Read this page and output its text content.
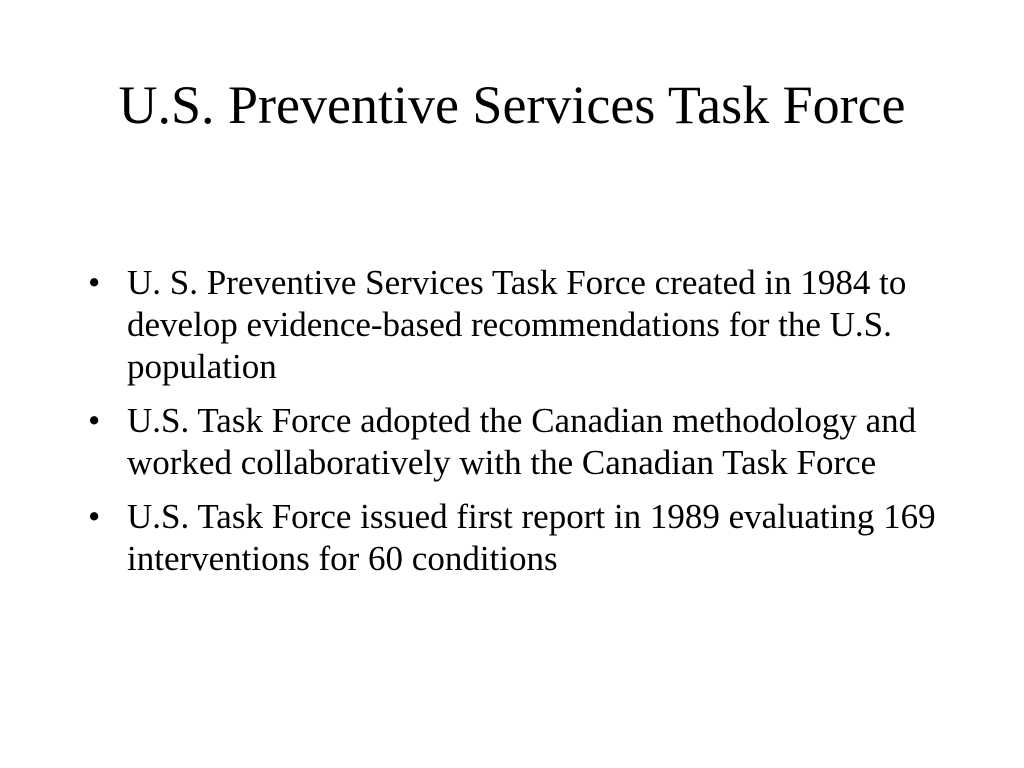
U.S. Preventive Services Task Force
• U. S. Preventive Services Task Force created in 1984 to develop evidence-based recommendations for the U.S. population
• U.S. Task Force adopted the Canadian methodology and worked collaboratively with the Canadian Task Force
• U.S. Task Force issued first report in 1989 evaluating 169 interventions for 60 conditions
